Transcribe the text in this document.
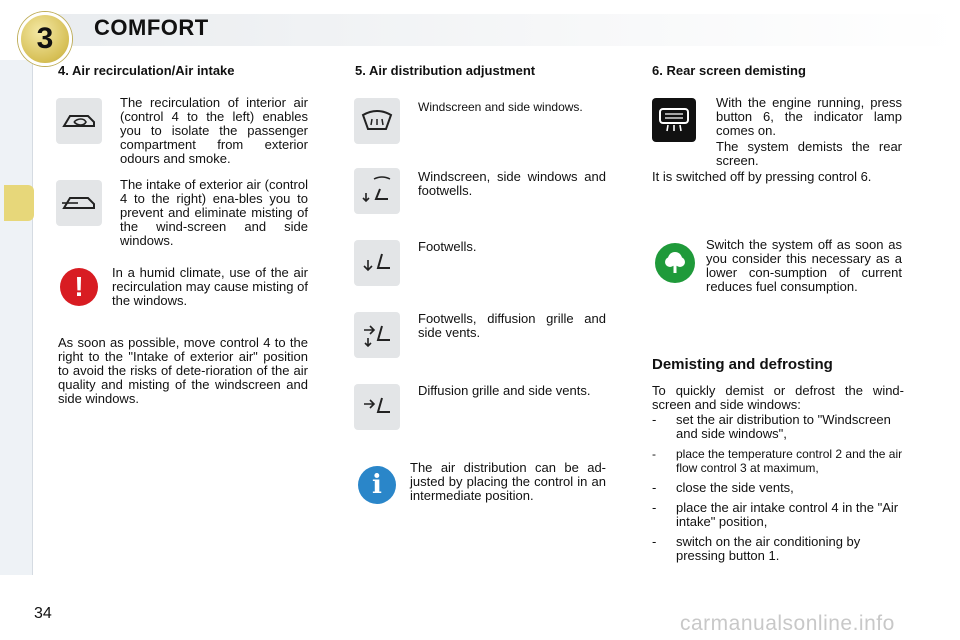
3	COMFORT
4. Air recirculation/Air intake
The recirculation of interior air (control 4 to the left) enables you to isolate the passenger compartment from exterior odours and smoke.
The intake of exterior air (control 4 to the right) ena-bles you to prevent and eliminate misting of the wind-screen and side windows.
!	In a humid climate, use of the air recirculation may cause misting of the windows.
As soon as possible, move control 4 to the right to the "Intake of exterior air" position to avoid the risks of dete-rioration of the air quality and misting of the windscreen and side windows.
5. Air distribution adjustment
Windscreen and side windows.
Windscreen, side windows and footwells.
Footwells.
Footwells, diffusion grille and side vents.
Diffusion grille and side vents.
i
The air distribution can be ad-justed by placing the control in an intermediate position.
6. Rear screen demisting
With the engine running, press button 6, the indicator lamp comes on.
The system demists the rear screen.
It is switched off by pressing control 6.
Switch the system off as soon as you consider this necessary as a lower con-sumption of current reduces fuel consumption.
Demisting and defrosting
To quickly demist or defrost the wind-screen and side windows:
- set the air distribution to "Windscreen and side windows",
- place the temperature control 2 and the air flow control 3 at maximum,
- close the side vents,
- place the air intake control 4 in the "Air intake" position,
- switch on the air conditioning by pressing button 1.
34	carmanualsonline.info
